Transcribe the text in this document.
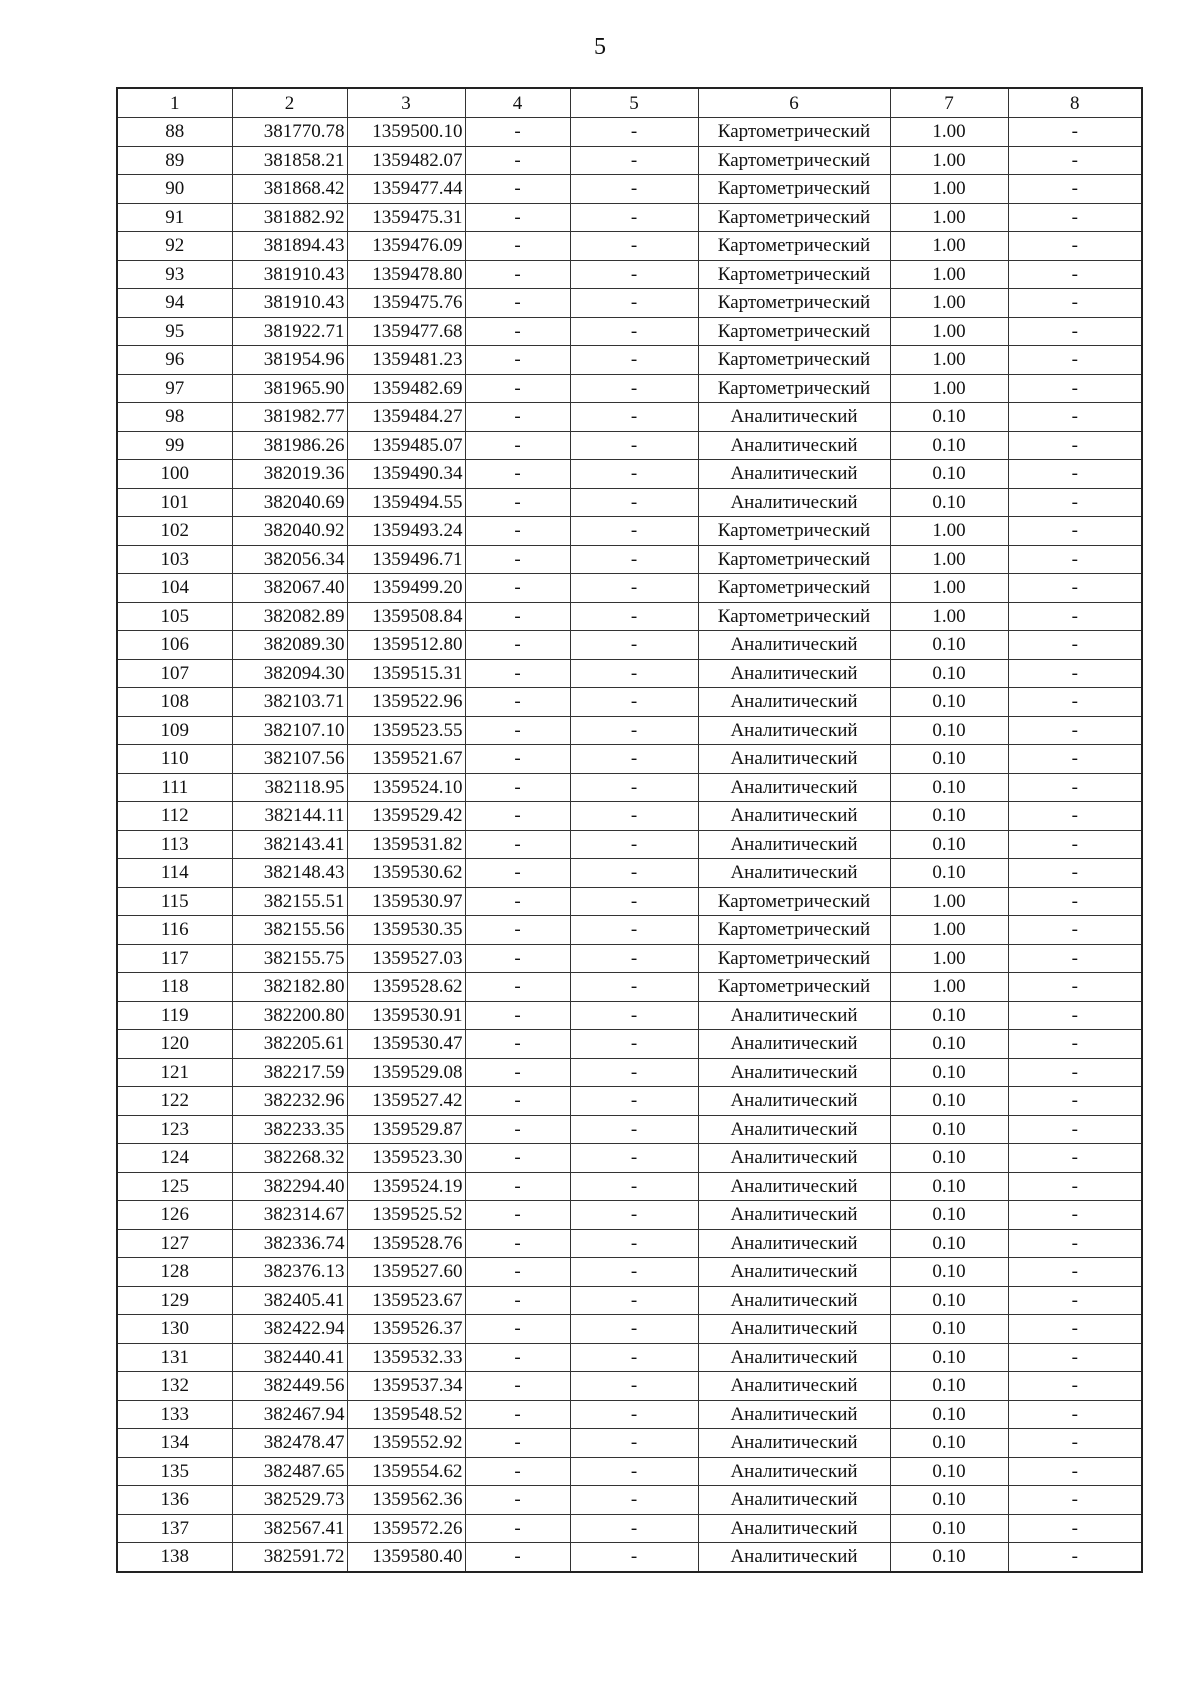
5
1	2	3	4	5	6	7	8
88	381770.78	1359500.10	-	-	Картометрический	1.00	-
89	381858.21	1359482.07	-	-	Картометрический	1.00	-
90	381868.42	1359477.44	-	-	Картометрический	1.00	-
91	381882.92	1359475.31	-	-	Картометрический	1.00	-
92	381894.43	1359476.09	-	-	Картометрический	1.00	-
93	381910.43	1359478.80	-	-	Картометрический	1.00	-
94	381910.43	1359475.76	-	-	Картометрический	1.00	-
95	381922.71	1359477.68	-	-	Картометрический	1.00	-
96	381954.96	1359481.23	-	-	Картометрический	1.00	-
97	381965.90	1359482.69	-	-	Картометрический	1.00	-
98	381982.77	1359484.27	-	-	Аналитический	0.10	-
99	381986.26	1359485.07	-	-	Аналитический	0.10	-
100	382019.36	1359490.34	-	-	Аналитический	0.10	-
101	382040.69	1359494.55	-	-	Аналитический	0.10	-
102	382040.92	1359493.24	-	-	Картометрический	1.00	-
103	382056.34	1359496.71	-	-	Картометрический	1.00	-
104	382067.40	1359499.20	-	-	Картометрический	1.00	-
105	382082.89	1359508.84	-	-	Картометрический	1.00	-
106	382089.30	1359512.80	-	-	Аналитический	0.10	-
107	382094.30	1359515.31	-	-	Аналитический	0.10	-
108	382103.71	1359522.96	-	-	Аналитический	0.10	-
109	382107.10	1359523.55	-	-	Аналитический	0.10	-
110	382107.56	1359521.67	-	-	Аналитический	0.10	-
111	382118.95	1359524.10	-	-	Аналитический	0.10	-
112	382144.11	1359529.42	-	-	Аналитический	0.10	-
113	382143.41	1359531.82	-	-	Аналитический	0.10	-
114	382148.43	1359530.62	-	-	Аналитический	0.10	-
115	382155.51	1359530.97	-	-	Картометрический	1.00	-
116	382155.56	1359530.35	-	-	Картометрический	1.00	-
117	382155.75	1359527.03	-	-	Картометрический	1.00	-
118	382182.80	1359528.62	-	-	Картометрический	1.00	-
119	382200.80	1359530.91	-	-	Аналитический	0.10	-
120	382205.61	1359530.47	-	-	Аналитический	0.10	-
121	382217.59	1359529.08	-	-	Аналитический	0.10	-
122	382232.96	1359527.42	-	-	Аналитический	0.10	-
123	382233.35	1359529.87	-	-	Аналитический	0.10	-
124	382268.32	1359523.30	-	-	Аналитический	0.10	-
125	382294.40	1359524.19	-	-	Аналитический	0.10	-
126	382314.67	1359525.52	-	-	Аналитический	0.10	-
127	382336.74	1359528.76	-	-	Аналитический	0.10	-
128	382376.13	1359527.60	-	-	Аналитический	0.10	-
129	382405.41	1359523.67	-	-	Аналитический	0.10	-
130	382422.94	1359526.37	-	-	Аналитический	0.10	-
131	382440.41	1359532.33	-	-	Аналитический	0.10	-
132	382449.56	1359537.34	-	-	Аналитический	0.10	-
133	382467.94	1359548.52	-	-	Аналитический	0.10	-
134	382478.47	1359552.92	-	-	Аналитический	0.10	-
135	382487.65	1359554.62	-	-	Аналитический	0.10	-
136	382529.73	1359562.36	-	-	Аналитический	0.10	-
137	382567.41	1359572.26	-	-	Аналитический	0.10	-
138	382591.72	1359580.40	-	-	Аналитический	0.10	-
